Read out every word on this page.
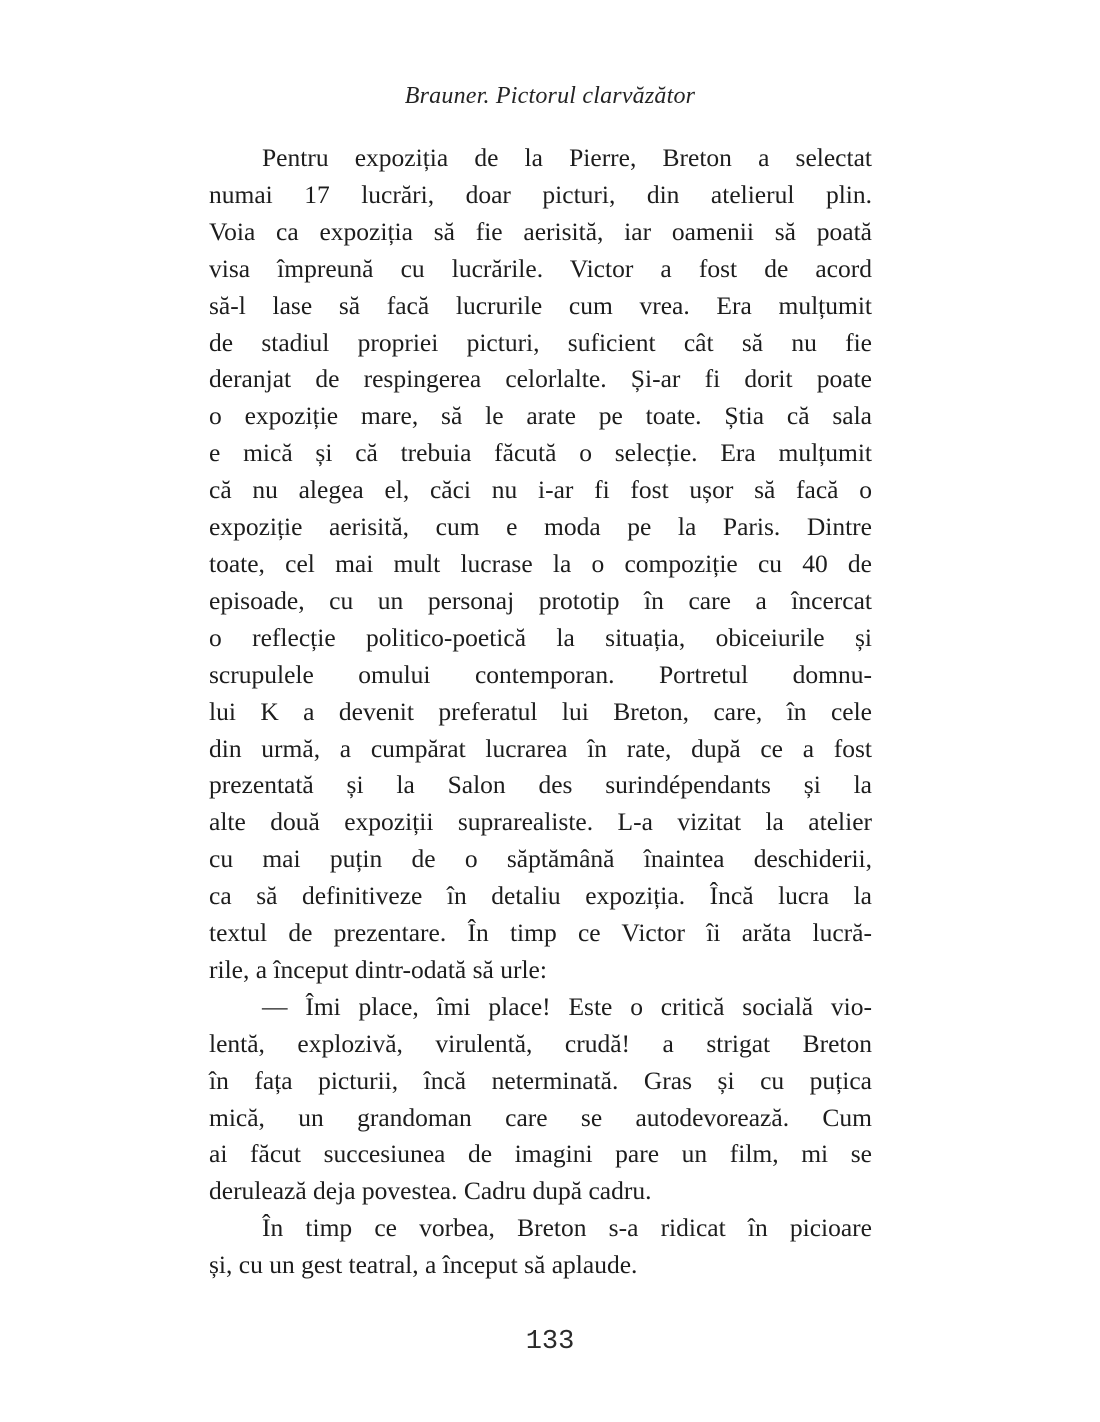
Brauner. Pictorul clarvăzător
Pentru expoziția de la Pierre, Breton a selectat
numai 17 lucrări, doar picturi, din atelierul plin.
Voia ca expoziția să fie aerisită, iar oamenii să poată
visa împreună cu lucrările. Victor a fost de acord
să-l lase să facă lucrurile cum vrea. Era mulțumit
de stadiul propriei picturi, suficient cât să nu fie
deranjat de respingerea celorlalte. Și-ar fi dorit poate
o expoziție mare, să le arate pe toate. Știa că sala
e mică și că trebuia făcută o selecție. Era mulțumit
că nu alegea el, căci nu i-ar fi fost ușor să facă o
expoziție aerisită, cum e moda pe la Paris. Dintre
toate, cel mai mult lucrase la o compoziție cu 40 de
episoade, cu un personaj prototip în care a încercat
o reflecție politico-poetică la situația, obiceiurile și
scrupulele omului contemporan. Portretul domnu-
lui K a devenit preferatul lui Breton, care, în cele
din urmă, a cumpărat lucrarea în rate, după ce a fost
prezentată și la Salon des surindépendants și la
alte două expoziții suprarealiste. L-a vizitat la atelier
cu mai puțin de o săptămână înaintea deschiderii,
ca să definitiveze în detaliu expoziția. Încă lucra la
textul de prezentare. În timp ce Victor îi arăta lucră-
rile, a început dintr-odată să urle:
— Îmi place, îmi place! Este o critică socială vio-
lentă, explozivă, virulentă, crudă! a strigat Breton
în fața picturii, încă neterminată. Gras și cu puțica
mică, un grandoman care se autodevorează. Cum
ai făcut succesiunea de imagini pare un film, mi se
derulează deja povestea. Cadru după cadru.
În timp ce vorbea, Breton s-a ridicat în picioare
și, cu un gest teatral, a început să aplaude.
133
